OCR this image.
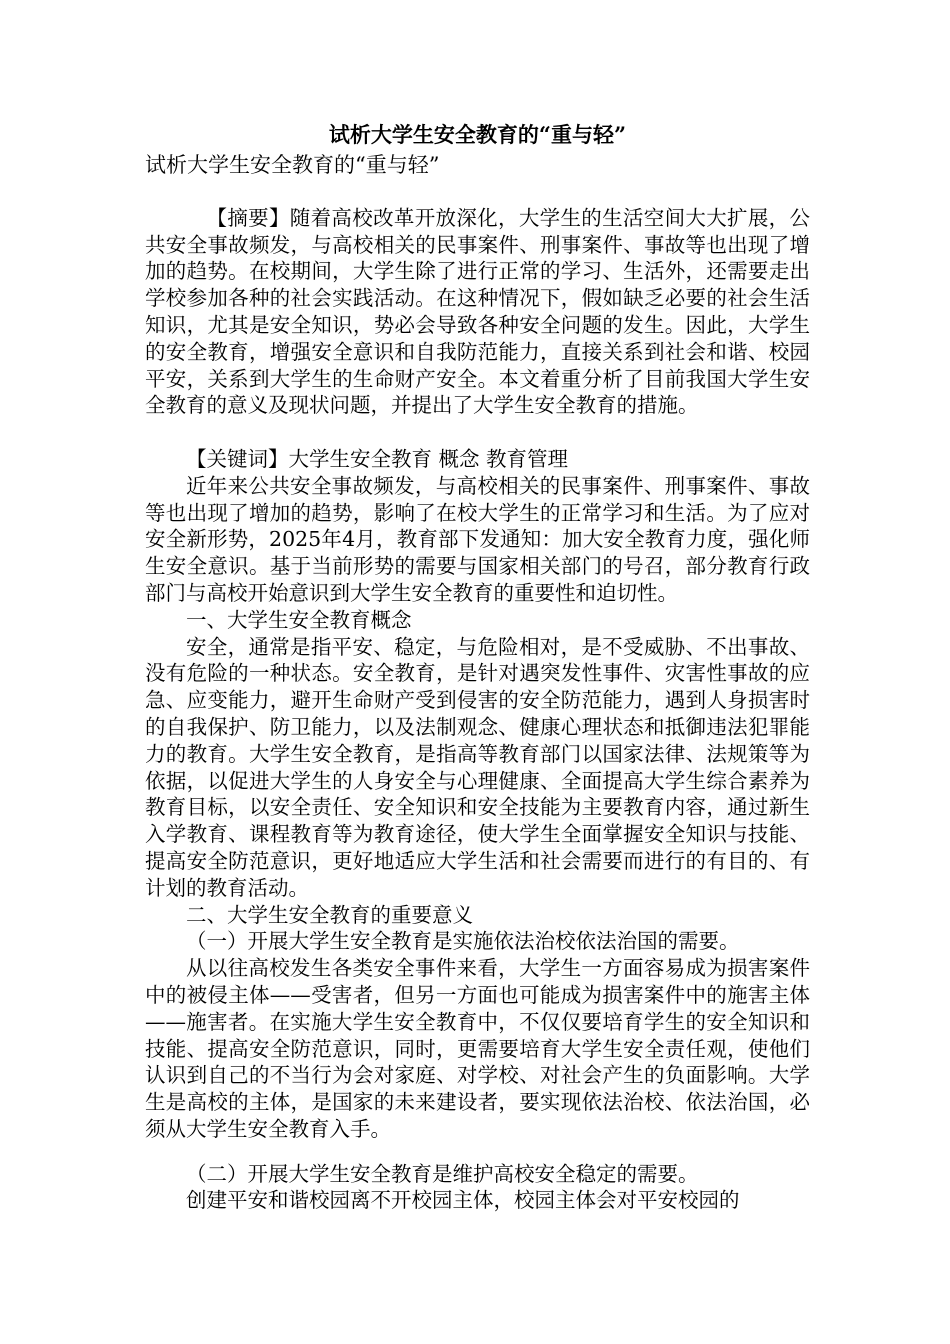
试析大学生安全教育的“重与轻”

试析大学生安全教育的“重与轻”

【摘要】随着高校改革开放深化，大学生的生活空间大大扩展，公共安全事故频发，与高校相关的民事案件、刑事案件、事故等也出现了增加的趋势。在校期间，大学生除了进行正常的学习、生活外，还需要走出学校参加各种的社会实践活动。在这种情况下，假如缺乏必要的社会生活知识，尤其是安全知识，势必会导致各种安全问题的发生。因此，大学生的安全教育，增强安全意识和自我防范能力，直接关系到社会和谐、校园平安，关系到大学生的生命财产安全。本文着重分析了目前我国大学生安全教育的意义及现状问题，并提出了大学生安全教育的措施。

【关键词】大学生安全教育 概念 教育管理

近年来公共安全事故频发，与高校相关的民事案件、刑事案件、事故等也出现了增加的趋势，影响了在校大学生的正常学习和生活。为了应对安全新形势，2025年4月，教育部下发通知：加大安全教育力度，强化师生安全意识。基于当前形势的需要与国家相关部门的号召，部分教育行政部门与高校开始意识到大学生安全教育的重要性和迫切性。

一、大学生安全教育概念

安全，通常是指平安、稳定，与危险相对，是不受威胁、不出事故、没有危险的一种状态。安全教育，是针对遇突发性事件、灾害性事故的应急、应变能力，避开生命财产受到侵害的安全防范能力，遇到人身损害时的自我保护、防卫能力，以及法制观念、健康心理状态和抵御违法犯罪能力的教育。大学生安全教育，是指高等教育部门以国家法律、法规策等为依据，以促进大学生的人身安全与心理健康、全面提高大学生综合素养为教育目标，以安全责任、安全知识和安全技能为主要教育内容，通过新生入学教育、课程教育等为教育途径，使大学生全面掌握安全知识与技能、提高安全防范意识，更好地适应大学生活和社会需要而进行的有目的、有计划的教育活动。

二、大学生安全教育的重要意义

（一）开展大学生安全教育是实施依法治校依法治国的需要。

从以往高校发生各类安全事件来看，大学生一方面容易成为损害案件中的被侵主体——受害者，但另一方面也可能成为损害案件中的施害主体——施害者。在实施大学生安全教育中，不仅仅要培育学生的安全知识和技能、提高安全防范意识，同时，更需要培育大学生安全责任观，使他们认识到自己的不当行为会对家庭、对学校、对社会产生的负面影响。大学生是高校的主体，是国家的未来建设者，要实现依法治校、依法治国，必须从大学生安全教育入手。

（二）开展大学生安全教育是维护高校安全稳定的需要。

创建平安和谐校园离不开校园主体，校园主体会对平安校园的
